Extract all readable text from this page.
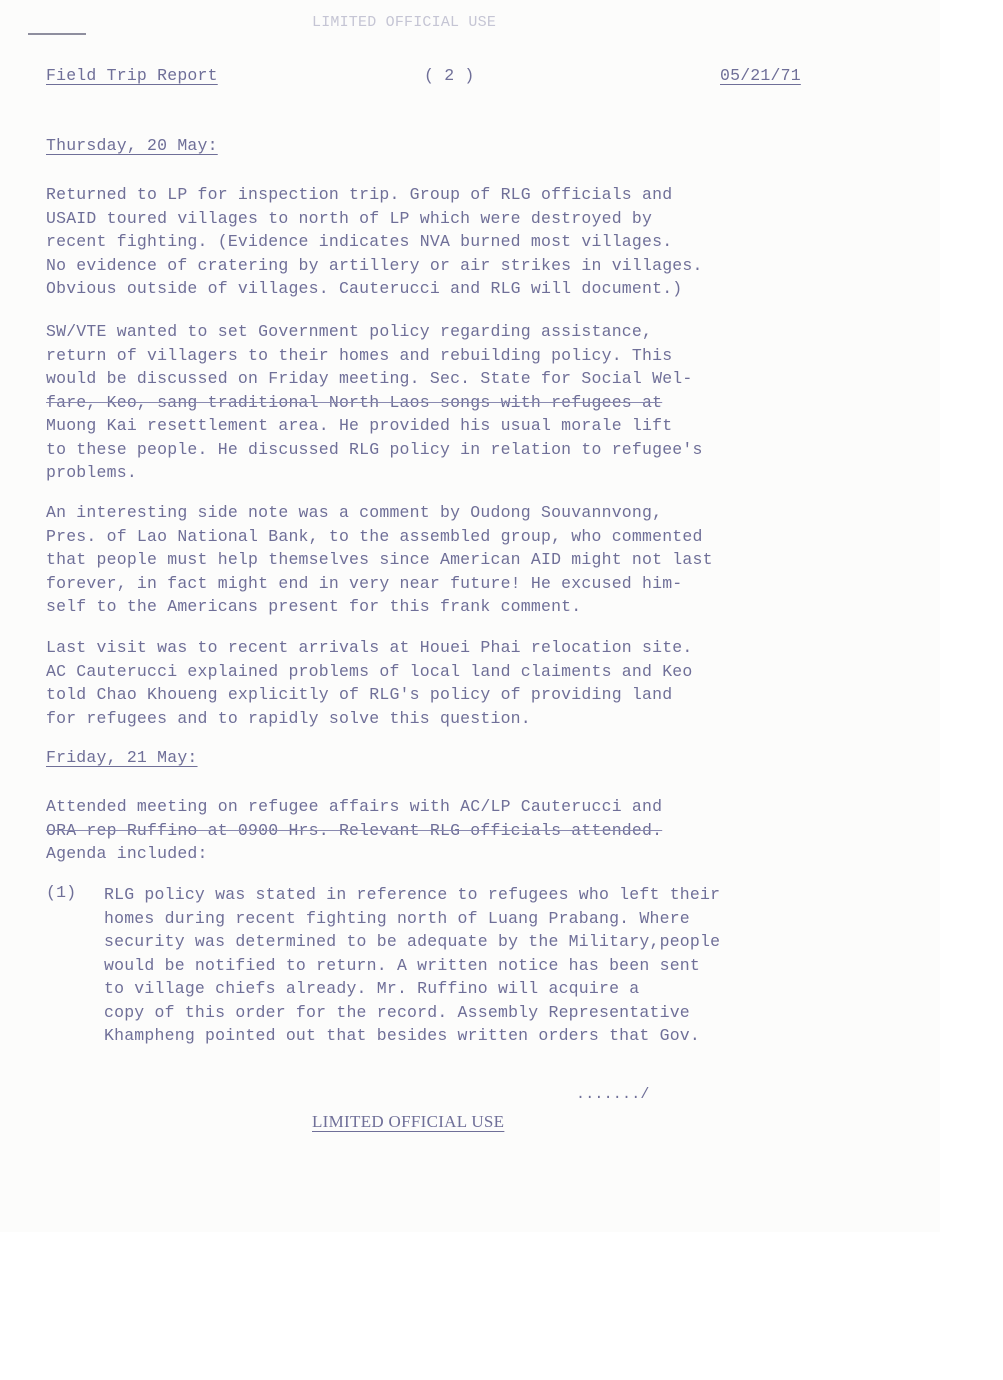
LIMITED OFFICIAL USE
Field Trip Report	( 2 )	05/21/71
Thursday, 20 May:
Returned to LP for inspection trip. Group of RLG officials and
USAID toured villages to north of LP which were destroyed by
recent fighting. (Evidence indicates NVA burned most villages.
No evidence of cratering by artillery or air strikes in villages.
Obvious outside of villages. Cauterucci and RLG will document.)
SW/VTE wanted to set Government policy regarding assistance,
return of villagers to their homes and rebuilding policy. This
would be discussed on Friday meeting. Sec. State for Social Wel-
fare, Keo, sang traditional North Laos songs with refugees at
Muong Kai resettlement area. He provided his usual morale lift
to these people. He discussed RLG policy in relation to refugee's
problems.
An interesting side note was a comment by Oudong Souvannvong,
Pres. of Lao National Bank, to the assembled group, who commented
that people must help themselves since American AID might not last
forever, in fact might end in very near future! He excused him-
self to the Americans present for this frank comment.
Last visit was to recent arrivals at Houei Phai relocation site.
AC Cauterucci explained problems of local land claiments and Keo
told Chao Khoueng explicitly of RLG's policy of providing land
for refugees and to rapidly solve this question.
Friday, 21 May:
Attended meeting on refugee affairs with AC/LP Cauterucci and
ORA rep Ruffino at 0900 Hrs. Relevant RLG officials attended.
Agenda included:
(1) RLG policy was stated in reference to refugees who left their
homes during recent fighting north of Luang Prabang. Where
security was determined to be adequate by the Military,people
would be notified to return. A written notice has been sent
to village chiefs already. Mr. Ruffino will acquire a
copy of this order for the record. Assembly Representative
Khampheng pointed out that besides written orders that Gov.
......./
LIMITED OFFICIAL USE
